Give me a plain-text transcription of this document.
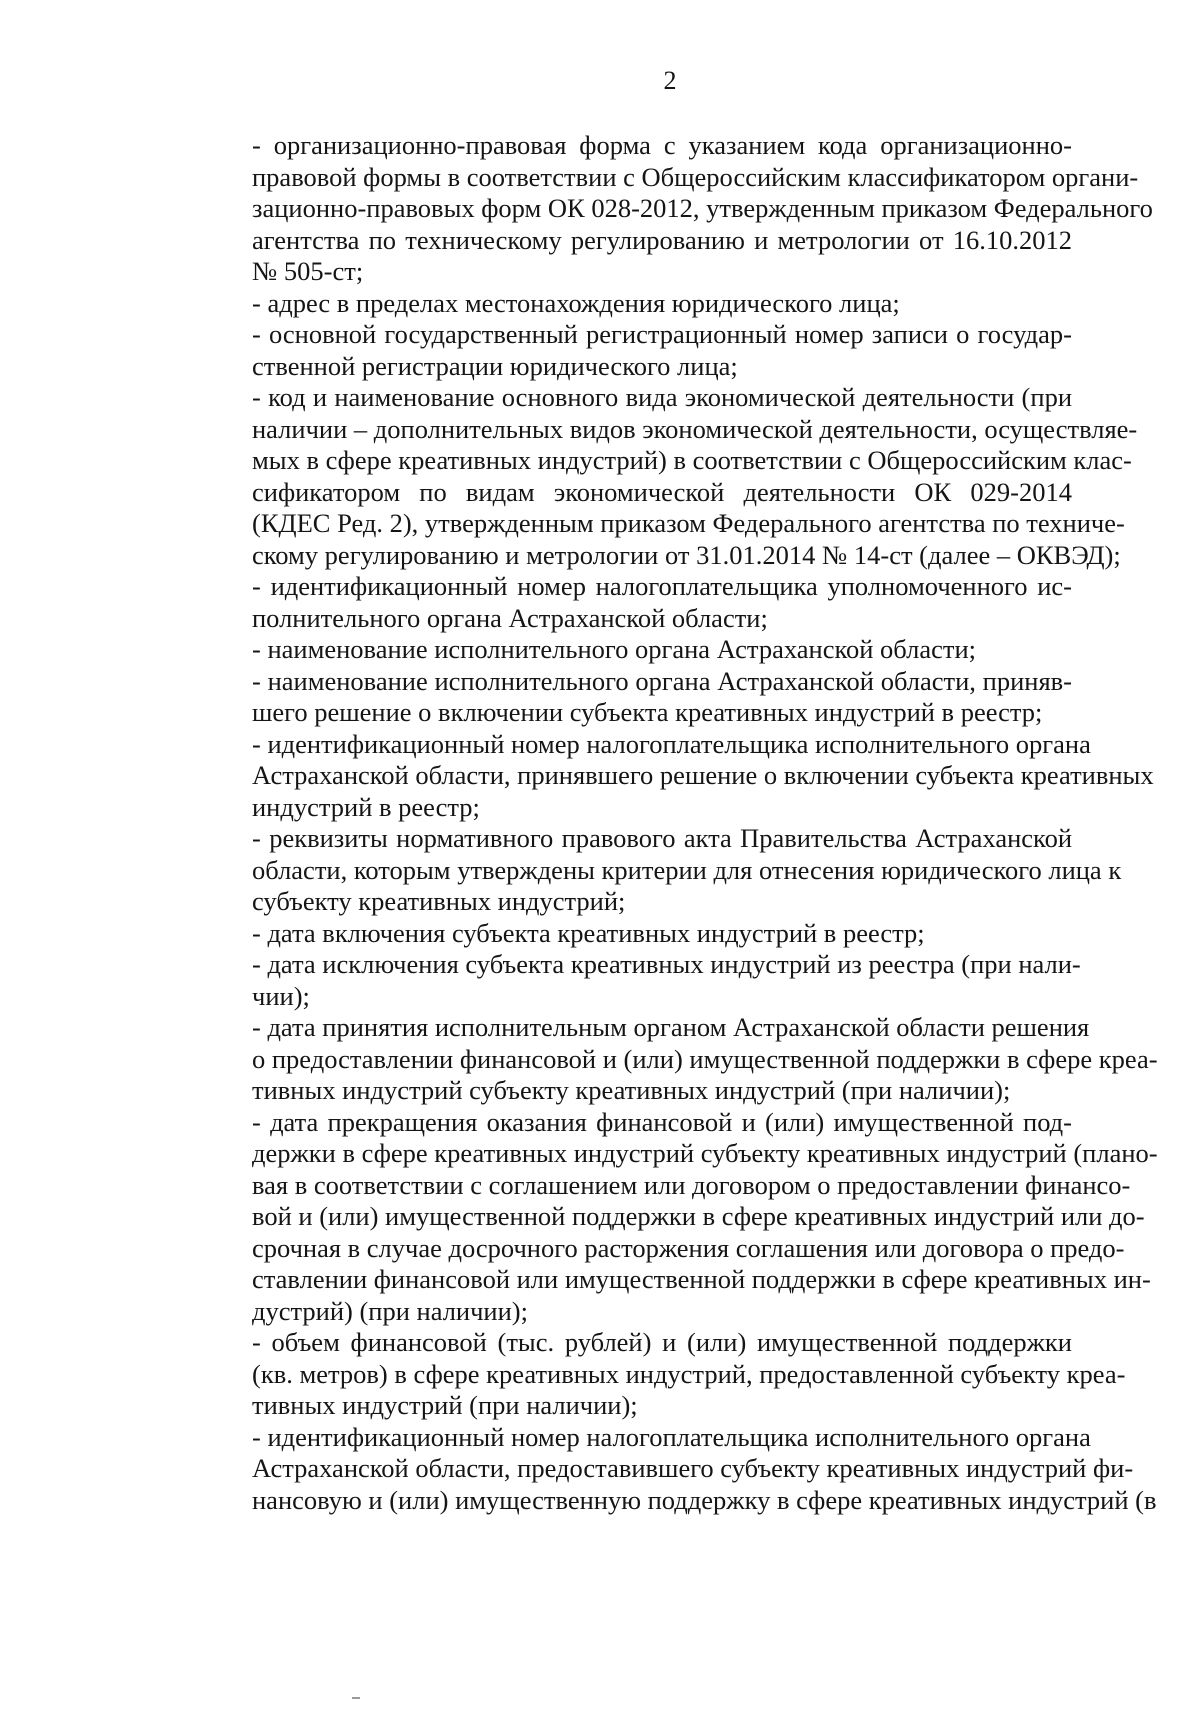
2

- организационно-правовая форма с указанием кода организационно-
правовой формы в соответствии с Общероссийским классификатором органи-
зационно-правовых форм ОК 028-2012, утвержденным приказом Федерального
агентства по техническому регулированию и метрологии от 16.10.2012
№ 505-ст;

- адрес в пределах местонахождения юридического лица;

- основной государственный регистрационный номер записи о государ-
ственной регистрации юридического лица;

- код и наименование основного вида экономической деятельности (при
наличии – дополнительных видов экономической деятельности, осуществляе-
мых в сфере креативных индустрий) в соответствии с Общероссийским клас-
сификатором по видам экономической деятельности ОК 029-2014
(КДЕС Ред. 2), утвержденным приказом Федерального агентства по техниче-
скому регулированию и метрологии от 31.01.2014 № 14-ст (далее – ОКВЭД);

- идентификационный номер налогоплательщика уполномоченного ис-
полнительного органа Астраханской области;

- наименование исполнительного органа Астраханской области;

- наименование исполнительного органа Астраханской области, приняв-
шего решение о включении субъекта креативных индустрий в реестр;

- идентификационный номер налогоплательщика исполнительного органа
Астраханской области, принявшего решение о включении субъекта креативных
индустрий в реестр;

- реквизиты нормативного правового акта Правительства Астраханской
области, которым утверждены критерии для отнесения юридического лица к
субъекту креативных индустрий;

- дата включения субъекта креативных индустрий в реестр;

- дата исключения субъекта креативных индустрий из реестра (при нали-
чии);

- дата принятия исполнительным органом Астраханской области решения
о предоставлении финансовой и (или) имущественной поддержки в сфере креа-
тивных индустрий субъекту креативных индустрий (при наличии);

- дата прекращения оказания финансовой и (или) имущественной под-
держки в сфере креативных индустрий субъекту креативных индустрий (плано-
вая в соответствии с соглашением или договором о предоставлении финансо-
вой и (или) имущественной поддержки в сфере креативных индустрий или до-
срочная в случае досрочного расторжения соглашения или договора о предо-
ставлении финансовой или имущественной поддержки в сфере креативных ин-
дустрий) (при наличии);

- объем финансовой (тыс. рублей) и (или) имущественной поддержки
(кв. метров) в сфере креативных индустрий, предоставленной субъекту креа-
тивных индустрий (при наличии);

- идентификационный номер налогоплательщика исполнительного органа
Астраханской области, предоставившего субъекту креативных индустрий фи-
нансовую и (или) имущественную поддержку в сфере креативных индустрий (в
